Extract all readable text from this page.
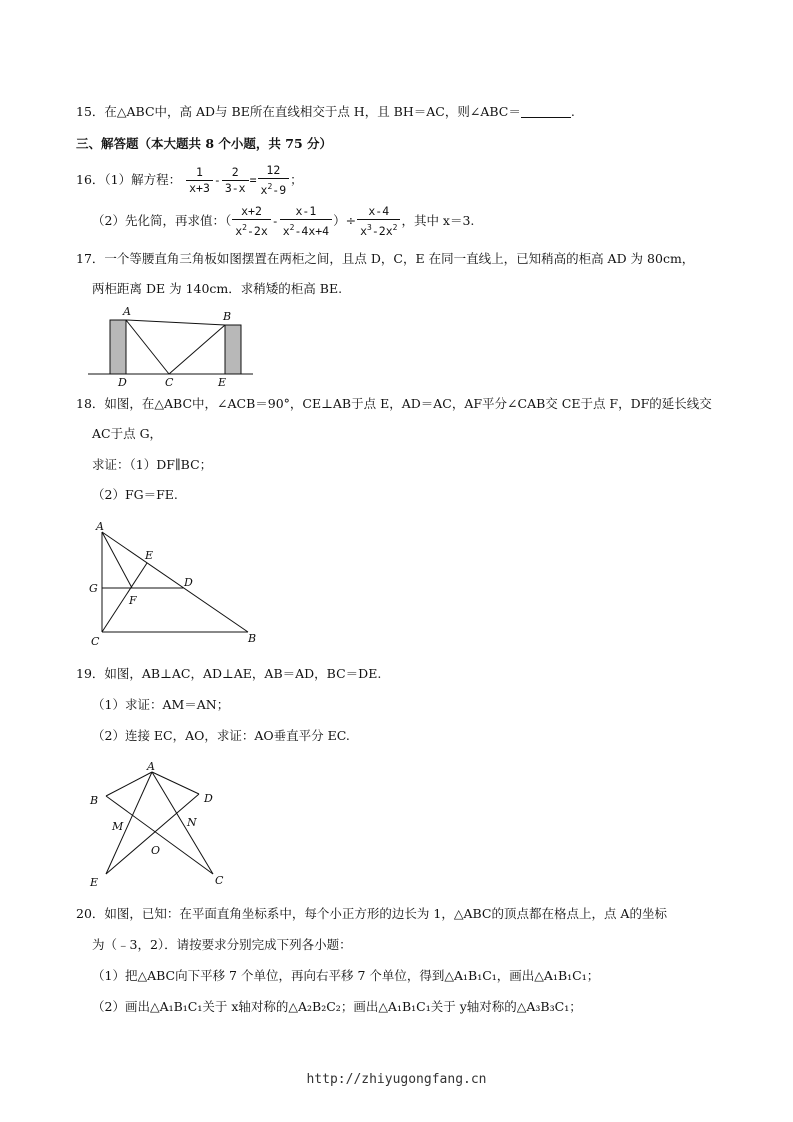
15．在△ABC中，高 AD与 BE所在直线相交于点 H，且 BH＝AC，则∠ABC＝	.
三、解答题（本大题共 8 个小题，共 75 分）
16．（1）解方程： $\frac{1}{x+3} - \frac{2}{3-x} = \frac{12}{x^2-9}$ ；
（2）先化简，再求值：（ $\frac{x+2}{x^2-2x} - \frac{x-1}{x^2-4x+4}$ ）÷ $\frac{x-4}{x^3-2x^2}$ ，其中 x＝3.
17．一个等腰直角三角板如图摆置在两柜之间，且点 D，C，E 在同一直线上，已知稍高的柜高 AD 为 80cm，
两柜距离 DE 为 140cm．求稍矮的柜高 BE.
A	B
D	C	E
18．如图，在△ABC中，∠ACB＝90°，CE⊥AB于点 E，AD＝AC，AF平分∠CAB交 CE于点 F，DF的延长线交
AC于点 G，
求证：（1）DF∥BC；
（2）FG＝FE.
A
E
G	D
F
C	B
19．如图，AB⊥AC，AD⊥AE，AB＝AD，BC＝DE.
（1）求证：AM＝AN；
（2）连接 EC，AO，求证：AO垂直平分 EC.
A
B	D
M	N
O
E	C
20．如图，已知：在平面直角坐标系中，每个小正方形的边长为 1，△ABC的顶点都在格点上，点 A的坐标
为（﹣3，2）．请按要求分别完成下列各小题：
（1）把△ABC向下平移 7 个单位，再向右平移 7 个单位，得到△A₁B₁C₁，画出△A₁B₁C₁；
（2）画出△A₁B₁C₁关于 x轴对称的△A₂B₂C₂；画出△A₁B₁C₁关于 y轴对称的△A₃B₃C₁；
http://zhiyugongfang.cn
